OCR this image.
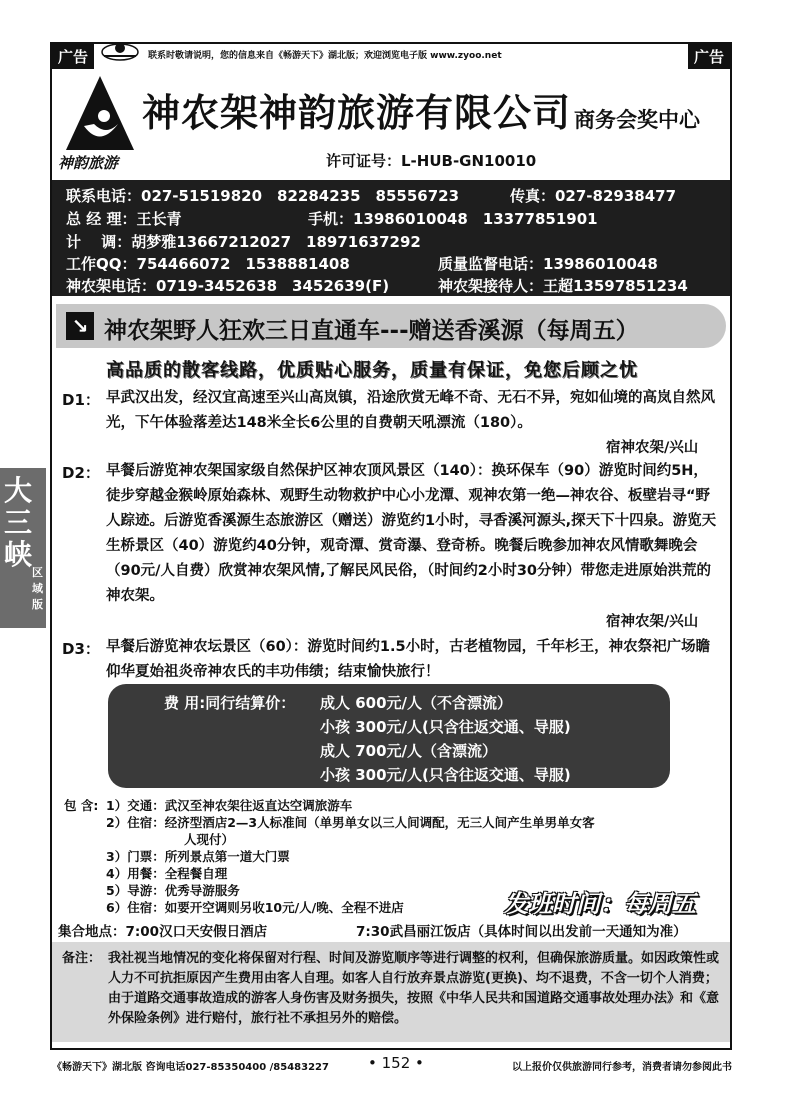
广告	联系时敬请说明，您的信息来自《畅游天下》湖北版；欢迎浏览电子版 www.zyoo.net	广告
神韵旅游
神农架神韵旅游有限公司 商务会奖中心
许可证号：L-HUB-GN10010
联系电话：027-51519820　82284235　85556723	传真：027-82938477
总 经 理：王长青	手机：13986010048　13377851901
计　 调：胡梦雅13667212027　18971637292
工作QQ：754466072　1538881408	质量监督电话：13986010048
神农架电话：0719-3452638　3452639(F)	神农架接待人：王超13597851234
↘ 神农架野人狂欢三日直通车---赠送香溪源（每周五）
高品质的散客线路，优质贴心服务，质量有保证，免您后顾之忧
D1： 早武汉出发，经汉宜高速至兴山高岚镇，沿途欣赏无峰不奇、无石不异，宛如仙境的高岚自然风光，下午体验落差达148米全长6公里的自费朝天吼漂流（180）。
宿神农架/兴山
D2： 早餐后游览神农架国家级自然保护区神农顶风景区（140）：换环保车（90）游览时间约5H，徒步穿越金猴岭原始森林、观野生动物救护中心小龙潭、观神农第一绝—神农谷、板壁岩寻“野人踪迹。后游览香溪源生态旅游区（赠送）游览约1小时，寻香溪河源头,探天下十四泉。游览天生桥景区（40）游览约40分钟，观奇潭、赏奇瀑、登奇桥。晚餐后晚参加神农风情歌舞晚会（90元/人自费）欣赏神农架风情,了解民风民俗，（时间约2小时30分钟）带您走进原始洪荒的神农架。
宿神农架/兴山
D3： 早餐后游览神农坛景区（60）：游览时间约1.5小时，古老植物园，千年杉王，神农祭祀广场瞻仰华夏始祖炎帝神农氏的丰功伟绩；结束愉快旅行！
费 用:同行结算价： 成人 600元/人（不含漂流）
小孩 300元/人(只含往返交通、导服)
成人 700元/人（含漂流）
小孩 300元/人(只含往返交通、导服)
包 含: 1）交通：武汉至神农架往返直达空调旅游车
2）住宿：经济型酒店2—3人标准间（单男单女以三人间调配，无三人间产生单男单女客
人现付）
3）门票：所列景点第一道大门票
4）用餐：全程餐自理
5）导游：优秀导游服务
6）住宿：如要开空调则另收10元/人/晚、全程不进店	发班时间：每周五
集合地点：7:00汉口天安假日酒店	7:30武昌丽江饭店（具体时间以出发前一天通知为准）
备注： 我社视当地情况的变化将保留对行程、时间及游览顺序等进行调整的权利，但确保旅游质量。如因政策性或人力不可抗拒原因产生费用由客人自理。如客人自行放弃景点游览(更换)、均不退费，不含一切个人消费；由于道路交通事故造成的游客人身伤害及财务损失，按照《中华人民共和国道路交通事故处理办法》和《意外保险条例》进行赔付，旅行社不承担另外的赔偿。
大
三
峡
区
域
版
《畅游天下》湖北版 咨询电话027-85350400 /85483227	• 152 •	以上报价仅供旅游同行参考，消费者请勿参阅此书
